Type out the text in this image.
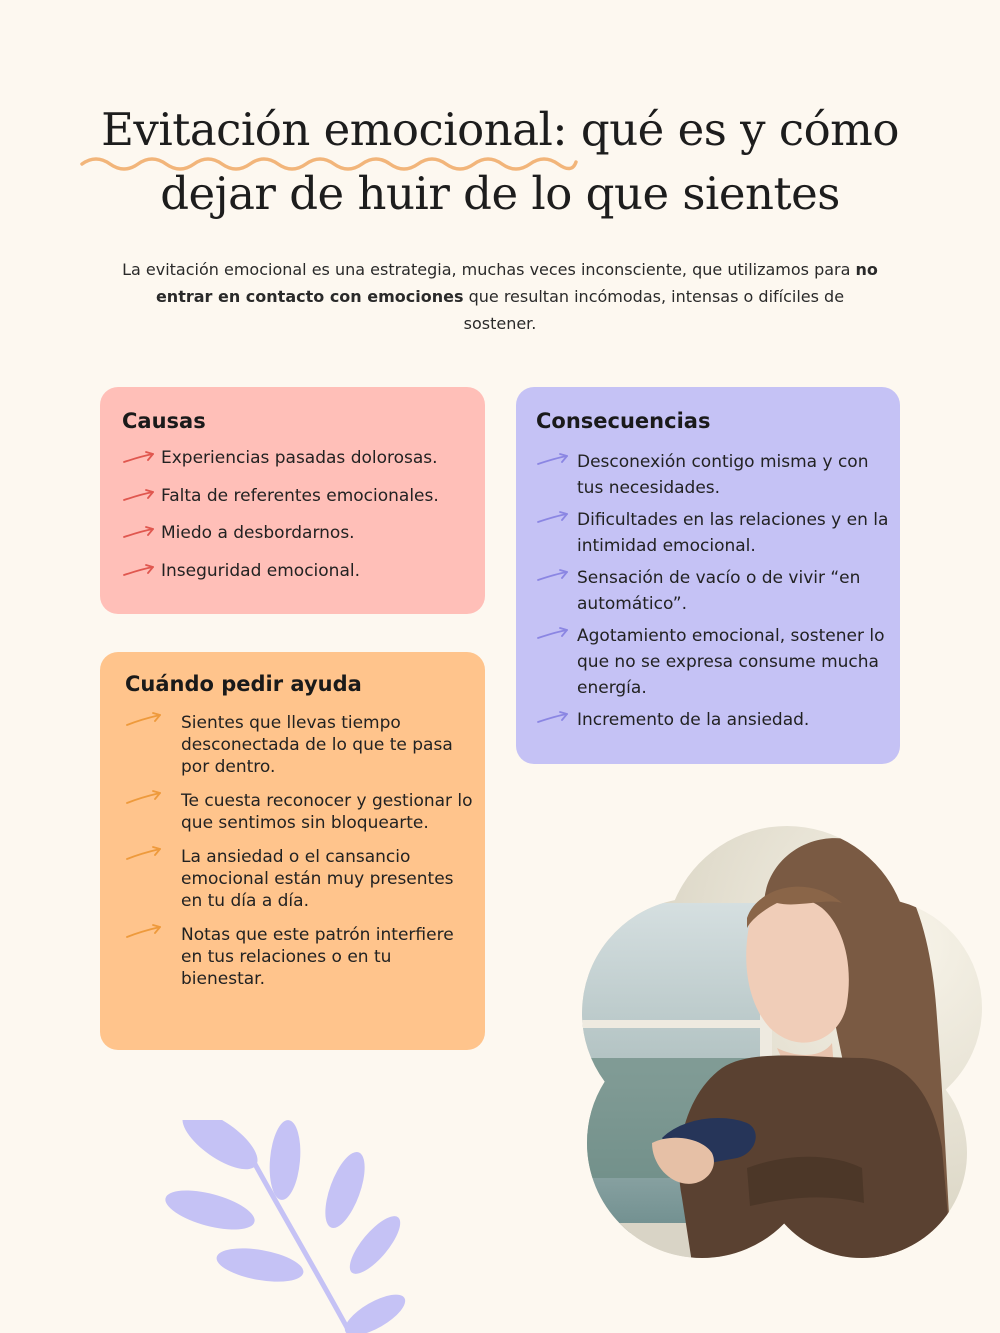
Evitación emocional: qué es y cómo
dejar de huir de lo que sientes

La evitación emocional es una estrategia, muchas veces inconsciente, que utilizamos para no entrar en contacto con emociones que resultan incómodas, intensas o difíciles de sostener.

Causas
Experiencias pasadas dolorosas.
Falta de referentes emocionales.
Miedo a desbordarnos.
Inseguridad emocional.
Consecuencias
Desconexión contigo misma y con tus necesidades.
Dificultades en las relaciones y en la intimidad emocional.
Sensación de vacío o de vivir “en automático”.
Agotamiento emocional, sostener lo que no se expresa consume mucha energía.
Incremento de la ansiedad.
Cuándo pedir ayuda
Sientes que llevas tiempo desconectada de lo que te pasa por dentro.
Te cuesta reconocer y gestionar lo que sentimos sin bloquearte.
La ansiedad o el cansancio emocional están muy presentes en tu día a día.
Notas que este patrón interfiere en tus relaciones o en tu bienestar.
